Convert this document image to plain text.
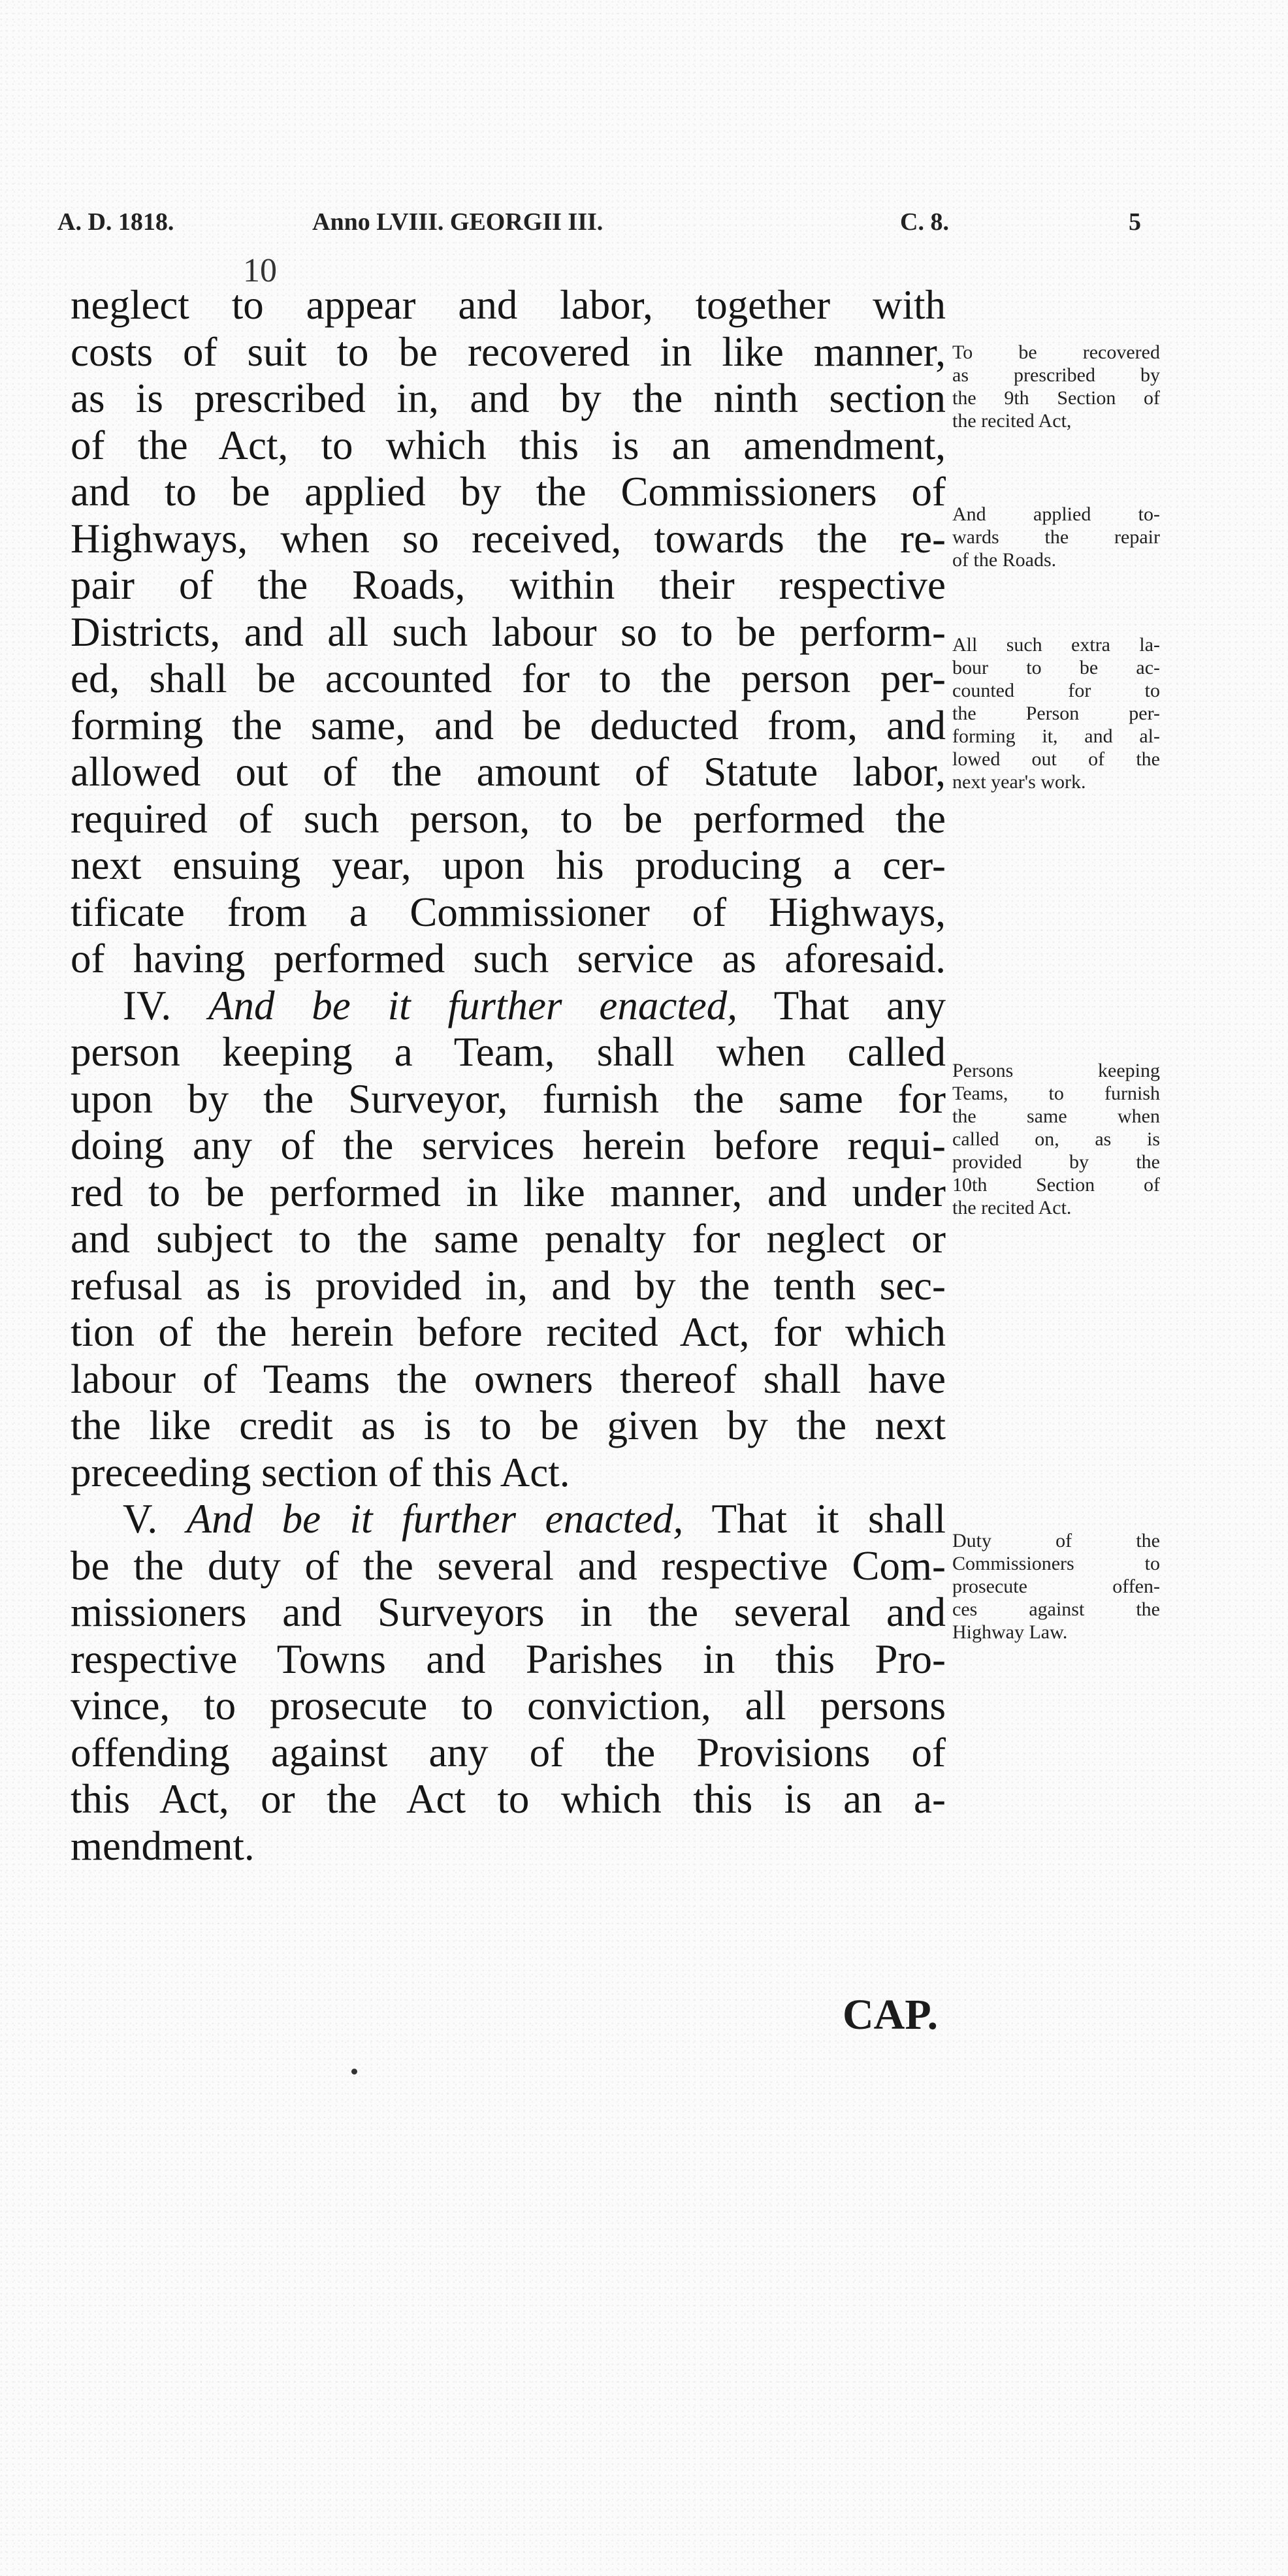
A. D. 1818.	Anno LVIII. GEORGII III.	C. 8.	5
10
neglect to appear and labor, together with
costs of suit to be recovered in like manner,
as is prescribed in, and by the ninth section
of the Act, to which this is an amendment,
and to be applied by the Commissioners of
Highways, when so received, towards the re-
pair of the Roads, within their respective
Districts, and all such labour so to be perform-
ed, shall be accounted for to the person per-
forming the same, and be deducted from, and
allowed out of the amount of Statute labor,
required of such person, to be performed the
next ensuing year, upon his producing a cer-
tificate from a Commissioner of Highways,
of having performed such service as aforesaid.
IV. And be it further enacted, That any
person keeping a Team, shall when called
upon by the Surveyor, furnish the same for
doing any of the services herein before requi-
red to be performed in like manner, and under
and subject to the same penalty for neglect or
refusal as is provided in, and by the tenth sec-
tion of the herein before recited Act, for which
labour of Teams the owners thereof shall have
the like credit as is to be given by the next
preceeding section of this Act.
V. And be it further enacted, That it shall
be the duty of the several and respective Com-
missioners and Surveyors in the several and
respective Towns and Parishes in this Pro-
vince, to prosecute to conviction, all persons
offending against any of the Provisions of
this Act, or the Act to which this is an a-
mendment.
To be recovered
as prescribed by
the 9th Section of
the recited Act,
And applied to-
wards the repair
of the Roads.
All such extra la-
bour to be ac-
counted for to
the Person per-
forming it, and al-
lowed out of the
next year's work.
Persons keeping
Teams, to furnish
the same when
called on, as is
provided by the
10th Section of
the recited Act.
Duty of the
Commissioners to
prosecute offen-
ces against the
Highway Law.
CAP.
